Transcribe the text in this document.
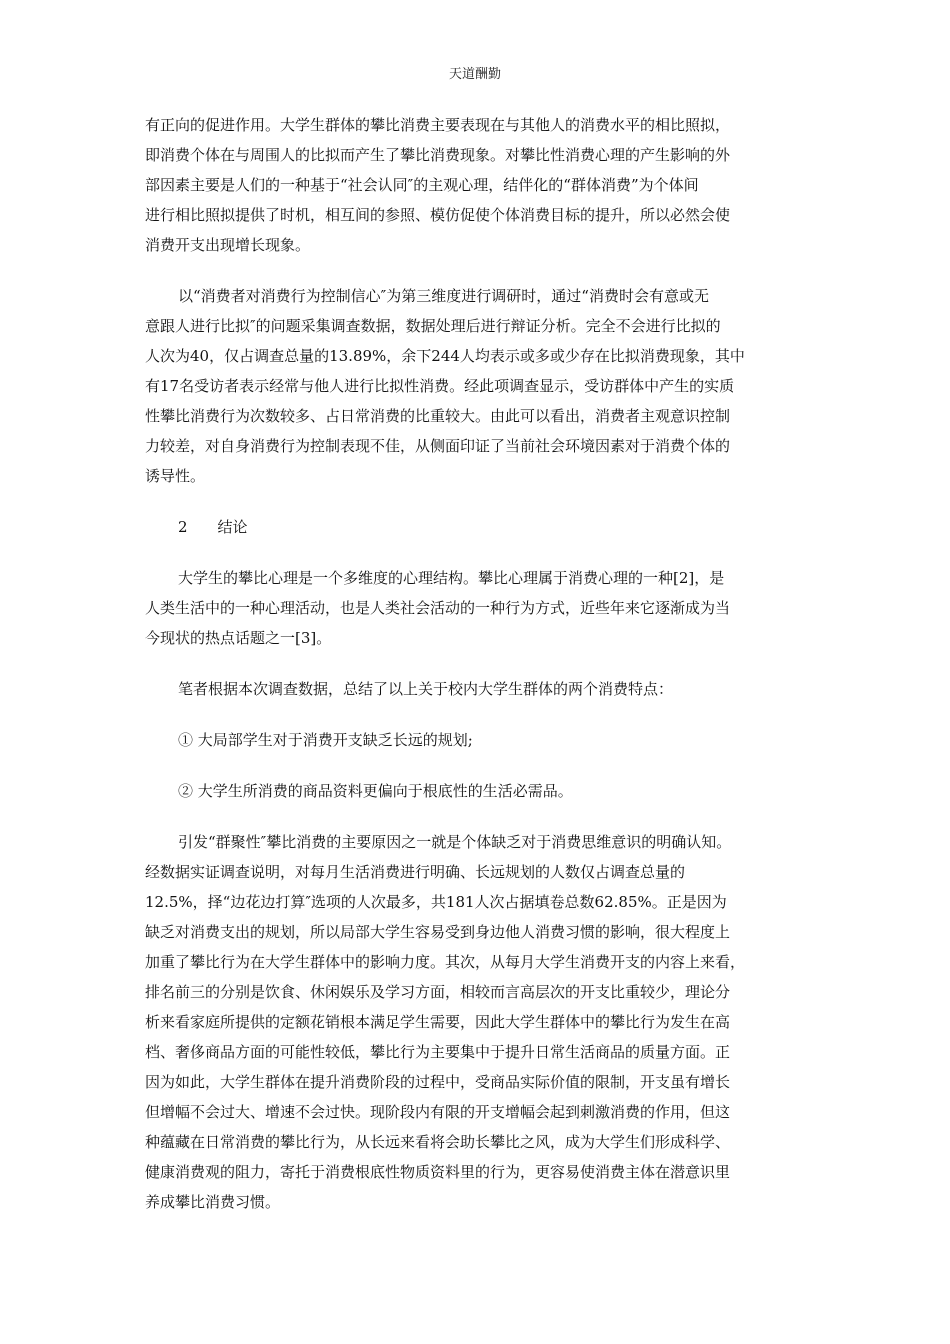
天道酬勤
有正向的促进作用。大学生群体的攀比消费主要表现在与其他人的消费水平的相比照拟，
即消费个体在与周围人的比拟而产生了攀比消费现象。对攀比性消费心理的产生影响的外
部因素主要是人们的一种基于“社会认同″的主观心理，结伴化的“群体消费”为个体间
进行相比照拟提供了时机，相互间的参照、模仿促使个体消费目标的提升，所以必然会使
消费开支出现增长现象。
以“消费者对消费行为控制信心″为第三维度进行调研时，通过“消费时会有意或无
意跟人进行比拟″的问题采集调查数据，数据处理后进行辩证分析。完全不会进行比拟的
人次为40，仅占调查总量的13.89%，余下244人均表示或多或少存在比拟消费现象，其中
有17名受访者表示经常与他人进行比拟性消费。经此项调查显示，受访群体中产生的实质
性攀比消费行为次数较多、占日常消费的比重较大。由此可以看出，消费者主观意识控制
力较差，对自身消费行为控制表现不佳，从侧面印证了当前社会环境因素对于消费个体的
诱导性。
2　　结论
大学生的攀比心理是一个多维度的心理结构。攀比心理属于消费心理的一种[2]，是
人类生活中的一种心理活动，也是人类社会活动的一种行为方式，近些年来它逐渐成为当
今现状的热点话题之一[3]。
笔者根据本次调查数据，总结了以上关于校内大学生群体的两个消费特点：
① 大局部学生对于消费开支缺乏长远的规划;
② 大学生所消费的商品资料更偏向于根底性的生活必需品。
引发“群聚性″攀比消费的主要原因之一就是个体缺乏对于消费思维意识的明确认知。
经数据实证调查说明，对每月生活消费进行明确、长远规划的人数仅占调查总量的
12.5%，择“边花边打算″选项的人次最多，共181人次占据填卷总数62.85%。正是因为
缺乏对消费支出的规划，所以局部大学生容易受到身边他人消费习惯的影响，很大程度上
加重了攀比行为在大学生群体中的影响力度。其次，从每月大学生消费开支的内容上来看，
排名前三的分别是饮食、休闲娱乐及学习方面，相较而言高层次的开支比重较少，理论分
析来看家庭所提供的定额花销根本满足学生需要，因此大学生群体中的攀比行为发生在高
档、奢侈商品方面的可能性较低，攀比行为主要集中于提升日常生活商品的质量方面。正
因为如此，大学生群体在提升消费阶段的过程中，受商品实际价值的限制，开支虽有增长
但增幅不会过大、增速不会过快。现阶段内有限的开支增幅会起到刺激消费的作用，但这
种蕴藏在日常消费的攀比行为，从长远来看将会助长攀比之风，成为大学生们形成科学、
健康消费观的阻力，寄托于消费根底性物质资料里的行为，更容易使消费主体在潜意识里
养成攀比消费习惯。
